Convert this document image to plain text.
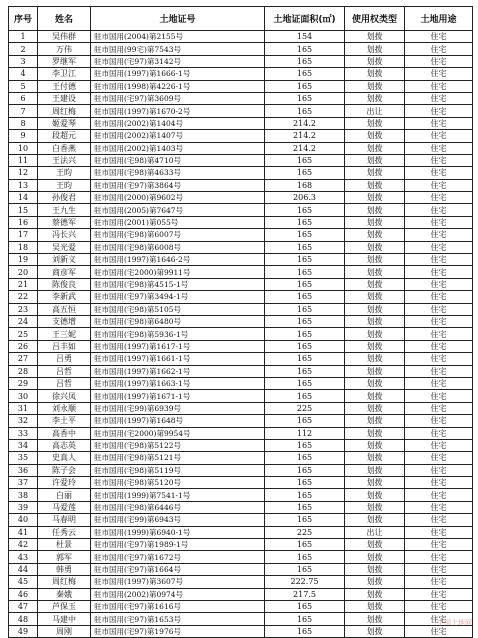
序号	姓名	土地证号	土地证面积(㎡)	使用权类型	土地用途
1	吴伟群	驻市国用(2004)第2155号	154	划拨	住宅
2	万伟	驻市国用(99宅)第7543号	165	划拨	住宅
3	罗继军	驻市国用(宅97)第3142号	165	划拨	住宅
4	李卫江	驻市国用(1997)第1666-1号	165	划拨	住宅
5	王付德	驻市国用(1998)第4226-1号	165	划拨	住宅
6	王建设	驻市国用(宅97)第3609号	165	划拨	住宅
7	周红梅	驻市国用(1997)第1670-2号	165	出让	住宅
8	姬爱琴	驻市国用(2002)第1404号	214.2	划拨	住宅
9	段超元	驻市国用(2002)第1407号	214.2	划拨	住宅
10	白香燕	驻市国用(2002)第1403号	214.2	划拨	住宅
11	王法兴	驻市国用(宅98)第4710号	165	划拨	住宅
12	王昀	驻市国用(宅98)第4633号	165	划拨	住宅
13	王昀	驻市国用(宅97)第3864号	168	划拨	住宅
14	孙俊君	驻市国用(2000)第9602号	206.3	划拨	住宅
15	王九生	驻市国用(2005)第7647号	165	划拨	住宅
16	蔡德军	驻市国用(2001)第055号	165	划拨	住宅
17	冯长兴	驻市国用(宅98)第6007号	165	划拨	住宅
18	吴光爱	驻市国用(宅98)第6008号	165	划拨	住宅
19	刘新义	驻市国用(1997)第1646-2号	165	划拨	住宅
20	商彦军	驻市国用(宅2000)第9911号	165	划拨	住宅
21	陈俊良	驻市国用(宅98)第4515-1号	165	划拨	住宅
22	李新武	驻市国用(宅97)第3494-1号	165	划拨	住宅
23	高五恒	驻市国用(宅98)第5105号	165	划拨	住宅
24	支德增	驻市国用(宅98)第6480号	165	划拨	住宅
25	王三妮	驻市国用(宅98)第5936-1号	165	划拨	住宅
26	吕丰如	驻市国用(1997)第1617-1号	165	划拨	住宅
27	吕勇	驻市国用(1997)第1661-1号	165	划拨	住宅
28	吕哲	驻市国用(1997)第1662-1号	165	划拨	住宅
29	吕哲	驻市国用(1997)第1663-1号	165	划拨	住宅
30	徐兴凤	驻市国用(1997)第1671-1号	165	划拨	住宅
31	刘永顺	驻市国用(宅99)第6939号	225	划拨	住宅
32	李土平	驻市国用(1997)第1648号	165	划拨	住宅
33	高香中	驻市国用(宅2000)第9954号	112	划拨	住宅
34	高志英	驻市国用(宅98)第5122号	165	划拨	住宅
35	史真人	驻市国用(宅98)第5121号	165	划拨	住宅
36	陈子会	驻市国用(宅98)第5119号	165	划拨	住宅
37	许爱玲	驻市国用(宅98)第5120号	165	划拨	住宅
38	白丽	驻市国用(1999)第7541-1号	165	划拨	住宅
39	马爱莲	驻市国用(宅98)第6446号	165	划拨	住宅
40	马春明	驻市国用(宅99)第6943号	165	划拨	住宅
41	任秀云	驻市国用(1999)第6940-1号	225	出让	住宅
42	杜景	驻市国用(宅97)第1989-1号	165	划拨	住宅
43	郭军	驻市国用(宅97)第1672号	165	划拨	住宅
44	韩勇	驻市国用(宅97)第1664号	165	划拨	住宅
45	周红梅	驻市国用(1997)第3607号	222.75	划拨	住宅
46	秦娥	驻市国用(2002)第0974号	217.5	划拨	住宅
47	芦保玉	驻市国用(宅97)第1616号	165	划拨	住宅
48	马建中	驻市国用(宅97)第1653号	165	划拨	住宅
49	周刚	驻市国用(宅97)第1976号	165	划拨	住宅
中国土地网
